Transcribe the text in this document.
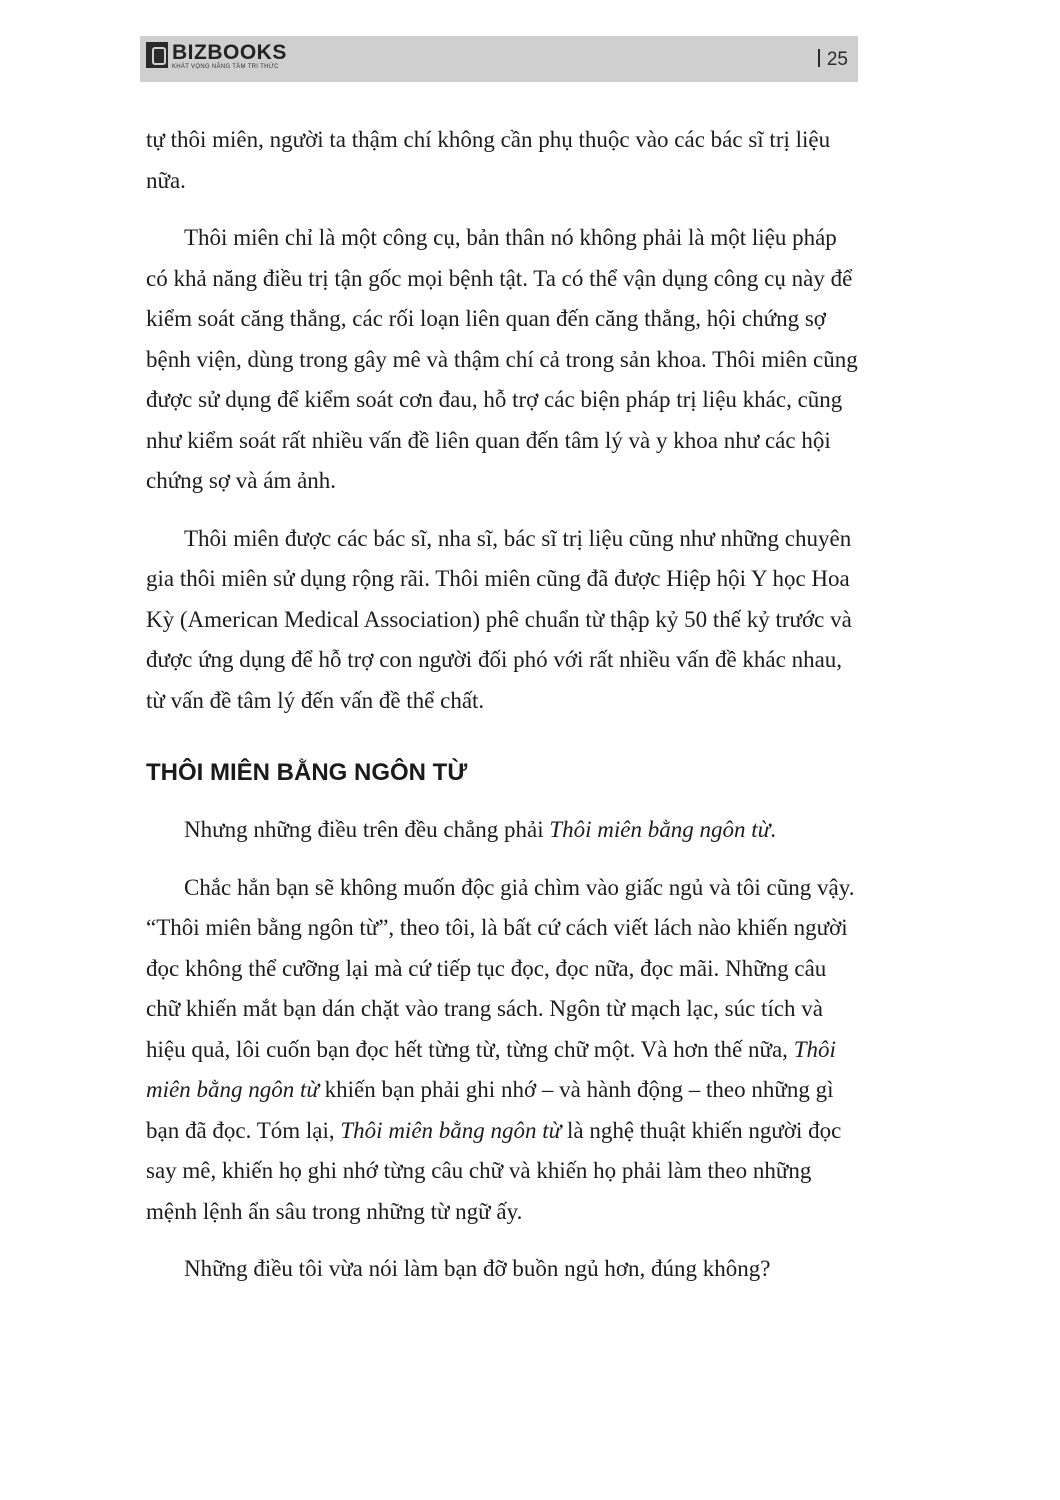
BIZBOOKS
KHÁT VỌNG NÂNG TẦM TRI THỨC	25

tự thôi miên, người ta thậm chí không cần phụ thuộc vào các bác sĩ trị liệu nữa.

Thôi miên chỉ là một công cụ, bản thân nó không phải là một liệu pháp có khả năng điều trị tận gốc mọi bệnh tật. Ta có thể vận dụng công cụ này để kiểm soát căng thẳng, các rối loạn liên quan đến căng thẳng, hội chứng sợ bệnh viện, dùng trong gây mê và thậm chí cả trong sản khoa. Thôi miên cũng được sử dụng để kiểm soát cơn đau, hỗ trợ các biện pháp trị liệu khác, cũng như kiểm soát rất nhiều vấn đề liên quan đến tâm lý và y khoa như các hội chứng sợ và ám ảnh.

Thôi miên được các bác sĩ, nha sĩ, bác sĩ trị liệu cũng như những chuyên gia thôi miên sử dụng rộng rãi. Thôi miên cũng đã được Hiệp hội Y học Hoa Kỳ (American Medical Association) phê chuẩn từ thập kỷ 50 thế kỷ trước và được ứng dụng để hỗ trợ con người đối phó với rất nhiều vấn đề khác nhau, từ vấn đề tâm lý đến vấn đề thể chất.

THÔI MIÊN BẰNG NGÔN TỪ

Nhưng những điều trên đều chẳng phải Thôi miên bằng ngôn từ.

Chắc hẳn bạn sẽ không muốn độc giả chìm vào giấc ngủ và tôi cũng vậy. “Thôi miên bằng ngôn từ”, theo tôi, là bất cứ cách viết lách nào khiến người đọc không thể cưỡng lại mà cứ tiếp tục đọc, đọc nữa, đọc mãi. Những câu chữ khiến mắt bạn dán chặt vào trang sách. Ngôn từ mạch lạc, súc tích và hiệu quả, lôi cuốn bạn đọc hết từng từ, từng chữ một. Và hơn thế nữa, Thôi miên bằng ngôn từ khiến bạn phải ghi nhớ – và hành động – theo những gì bạn đã đọc. Tóm lại, Thôi miên bằng ngôn từ là nghệ thuật khiến người đọc say mê, khiến họ ghi nhớ từng câu chữ và khiến họ phải làm theo những mệnh lệnh ẩn sâu trong những từ ngữ ấy.

Những điều tôi vừa nói làm bạn đỡ buồn ngủ hơn, đúng không?
